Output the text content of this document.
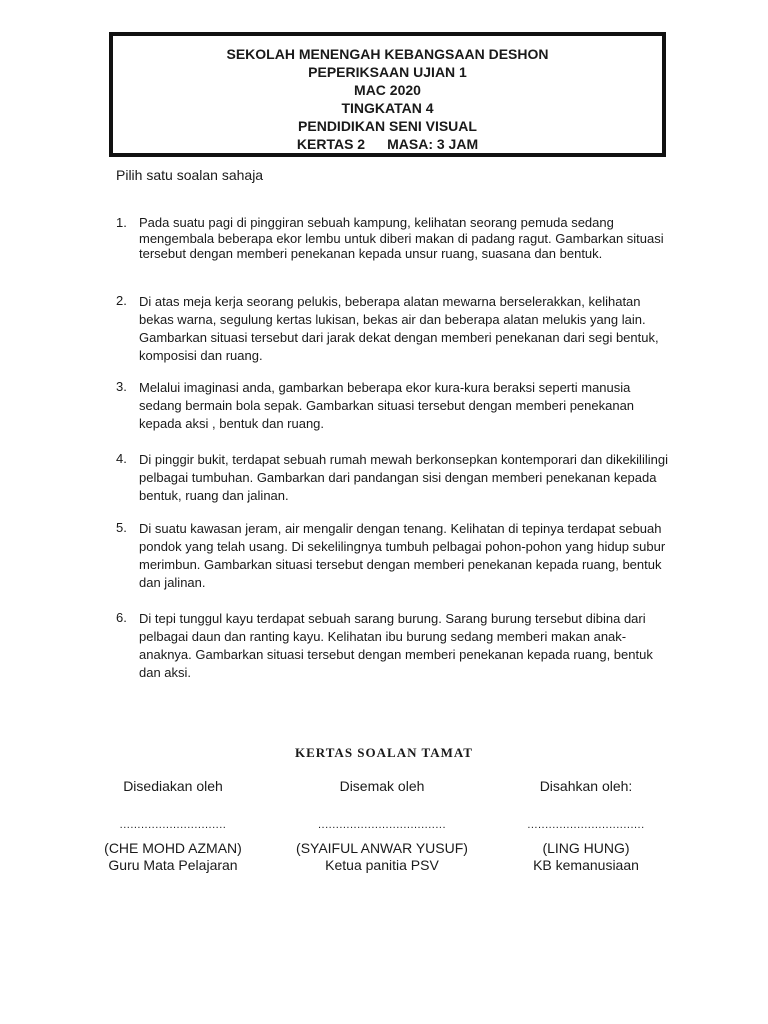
SEKOLAH MENENGAH KEBANGSAAN DESHON
PEPERIKSAAN UJIAN 1
MAC 2020
TINGKATAN 4
PENDIDIKAN SENI VISUAL
KERTAS 2 MASA: 3 JAM
Pilih satu soalan sahaja
1. Pada suatu pagi di pinggiran sebuah kampung, kelihatan seorang pemuda sedang mengembala beberapa ekor lembu untuk diberi makan di padang ragut. Gambarkan situasi tersebut dengan memberi penekanan kepada unsur ruang, suasana dan bentuk.
2. Di atas meja kerja seorang pelukis, beberapa alatan mewarna berselerakkan, kelihatan bekas warna, segulung kertas lukisan, bekas air dan beberapa alatan melukis yang lain. Gambarkan situasi tersebut dari jarak dekat dengan memberi penekanan dari segi bentuk, komposisi dan ruang.
3. Melalui imaginasi anda, gambarkan beberapa ekor kura-kura beraksi seperti manusia sedang bermain bola sepak. Gambarkan situasi tersebut dengan memberi penekanan kepada aksi , bentuk dan ruang.
4. Di pinggir bukit, terdapat sebuah rumah mewah berkonsepkan kontemporari dan dikekililingi pelbagai tumbuhan. Gambarkan dari pandangan sisi dengan memberi penekanan kepada bentuk, ruang dan jalinan.
5. Di suatu kawasan jeram, air mengalir dengan tenang. Kelihatan di tepinya terdapat sebuah pondok yang telah usang. Di sekelilingnya tumbuh pelbagai pohon-pohon yang hidup subur merimbun. Gambarkan situasi tersebut dengan memberi penekanan kepada ruang, bentuk dan jalinan.
6. Di tepi tunggul kayu terdapat sebuah sarang burung. Sarang burung tersebut dibina dari pelbagai daun dan ranting kayu. Kelihatan ibu burung sedang memberi makan anak-anaknya. Gambarkan situasi tersebut dengan memberi penekanan kepada ruang, bentuk dan aksi.
KERTAS SOALAN TAMAT
Disediakan oleh
..............................
(CHE MOHD AZMAN)
Guru Mata Pelajaran
Disemak oleh
....................................
(SYAIFUL ANWAR YUSUF)
Ketua panitia PSV
Disahkan oleh:
.................................
(LING HUNG)
KB kemanusiaan
